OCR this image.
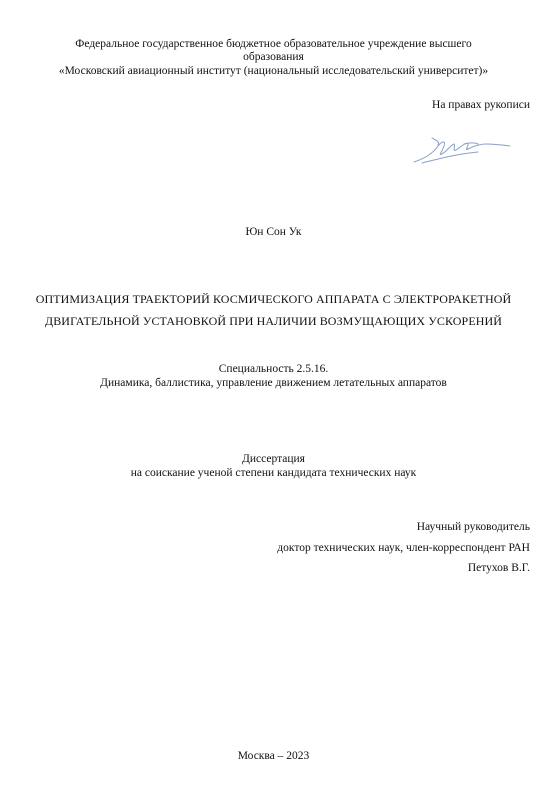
Федеральное государственное бюджетное образовательное учреждение высшего
образования
«Московский авиационный институт (национальный исследовательский университет)»
На правах рукописи
Юн Сон Ук
ОПТИМИЗАЦИЯ ТРАЕКТОРИЙ КОСМИЧЕСКОГО АППАРАТА С ЭЛЕКТРОРАКЕТНОЙ
ДВИГАТЕЛЬНОЙ УСТАНОВКОЙ ПРИ НАЛИЧИИ ВОЗМУЩАЮЩИХ УСКОРЕНИЙ
Специальность 2.5.16.
Динамика, баллистика, управление движением летательных аппаратов
Диссертация
на соискание ученой степени кандидата технических наук
Научный руководитель
доктор технических наук, член-корреспондент РАН
Петухов В.Г.
Москва – 2023
